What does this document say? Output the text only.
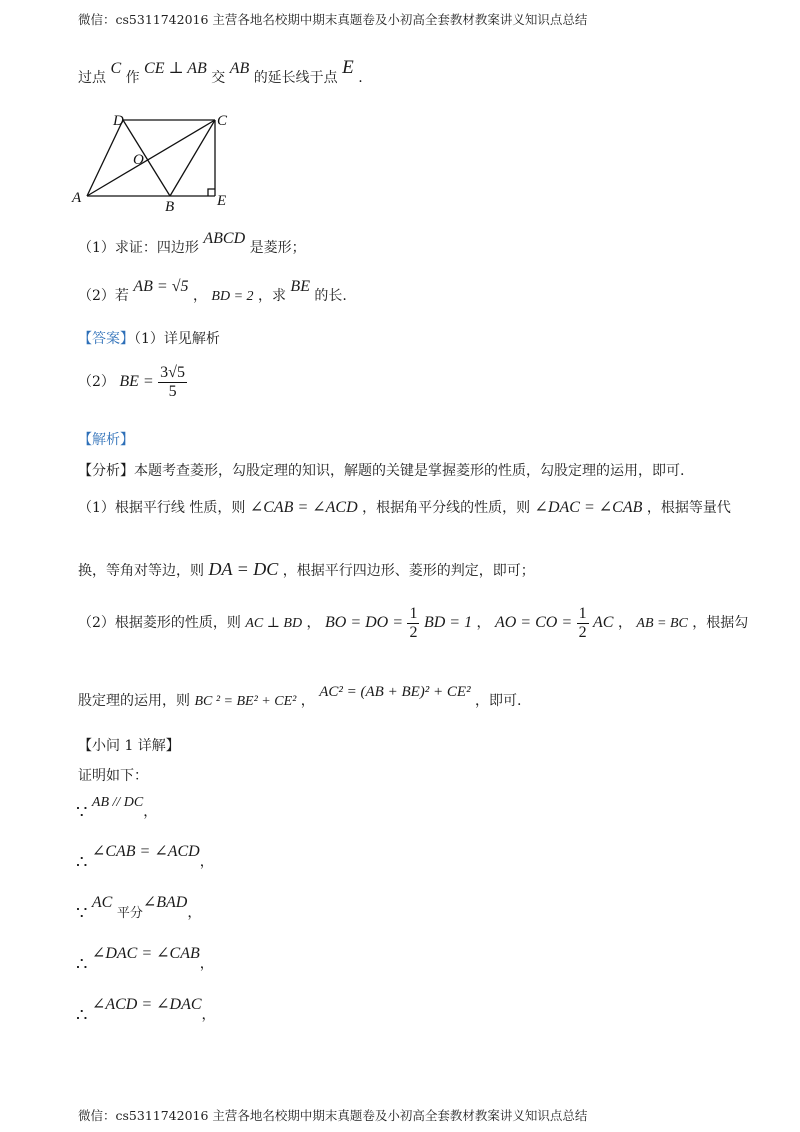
微信：cs5311742016 主营各地名校期中期末真题卷及小初高全套教材教案讲义知识点总结
过点 C 作 CE ⊥ AB 交 AB 的延长线于点 E .
D	C
O
A
B	E
（1）求证：四边形 ABCD 是菱形；
（2）若 AB = √5 ， BD = 2 ，求 BE 的长.
【答案】（1）详见解析
（2） BE = $\frac{3√5}{5}$
【解析】
【分析】本题考查菱形，勾股定理的知识，解题的关键是掌握菱形的性质，勾股定理的运用，即可.
（1）根据平行线 性质，则 ∠CAB = ∠ACD ，根据角平分线的性质，则 ∠DAC = ∠CAB ，根据等量代
换，等角对等边，则 DA = DC ，根据平行四边形、菱形的判定，即可；
（2）根据菱形的性质，则 AC ⊥ BD ， BO = DO = $\frac{1}{2}$ BD = 1 ， AO = CO = $\frac{1}{2}$ AC ， AB = BC ，根据勾
股定理的运用，则 BC ² = BE² + CE² ， AC² = (AB + BE)² + CE² ，即可.
【小问 1 详解】
证明如下：
∵ AB // DC，
∴ ∠CAB = ∠ACD，
∵ AC 平分∠BAD，
∴ ∠DAC = ∠CAB，
∴ ∠ACD = ∠DAC，
微信：cs5311742016 主营各地名校期中期末真题卷及小初高全套教材教案讲义知识点总结
